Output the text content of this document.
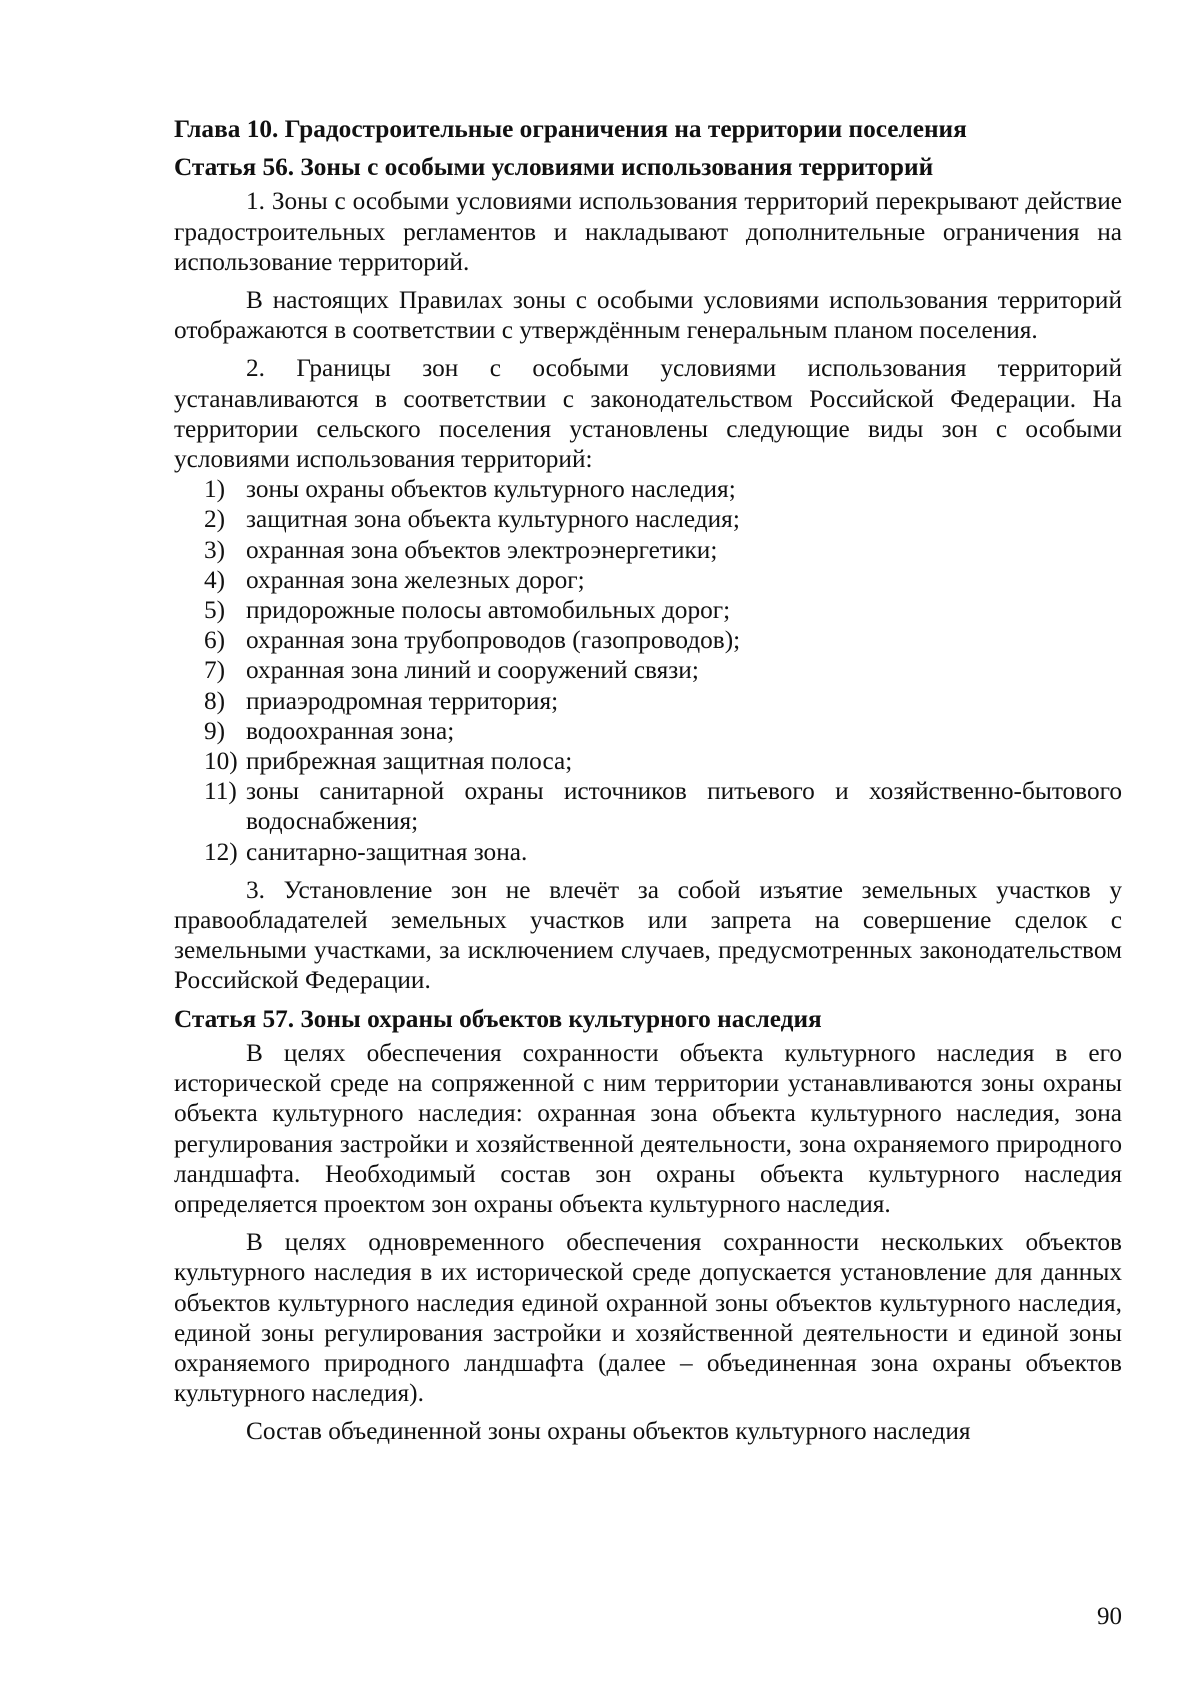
Глава 10. Градостроительные ограничения на территории поселения

Статья 56. Зоны с особыми условиями использования территорий

1. Зоны с особыми условиями использования территорий перекрывают действие градостроительных регламентов и накладывают дополнительные ограничения на использование территорий.

В настоящих Правилах зоны с особыми условиями использования территорий отображаются в соответствии с утверждённым генеральным планом поселения.

2. Границы зон с особыми условиями использования территорий устанавливаются в соответствии с законодательством Российской Федерации. На территории сельского поселения установлены следующие виды зон с особыми условиями использования территорий:

1) зоны охраны объектов культурного наследия;
2) защитная зона объекта культурного наследия;
3) охранная зона объектов электроэнергетики;
4) охранная зона железных дорог;
5) придорожные полосы автомобильных дорог;
6) охранная зона трубопроводов (газопроводов);
7) охранная зона линий и сооружений связи;
8) приаэродромная территория;
9) водоохранная зона;
10) прибрежная защитная полоса;
11) зоны санитарной охраны источников питьевого и хозяйственно-бытового водоснабжения;
12) санитарно-защитная зона.

3. Установление зон не влечёт за собой изъятие земельных участков у правообладателей земельных участков или запрета на совершение сделок с земельными участками, за исключением случаев, предусмотренных законодательством Российской Федерации.

Статья 57. Зоны охраны объектов культурного наследия

В целях обеспечения сохранности объекта культурного наследия в его исторической среде на сопряженной с ним территории устанавливаются зоны охраны объекта культурного наследия: охранная зона объекта культурного наследия, зона регулирования застройки и хозяйственной деятельности, зона охраняемого природного ландшафта. Необходимый состав зон охраны объекта культурного наследия определяется проектом зон охраны объекта культурного наследия.

В целях одновременного обеспечения сохранности нескольких объектов культурного наследия в их исторической среде допускается установление для данных объектов культурного наследия единой охранной зоны объектов культурного наследия, единой зоны регулирования застройки и хозяйственной деятельности и единой зоны охраняемого природного ландшафта (далее – объединенная зона охраны объектов культурного наследия).

Состав объединенной зоны охраны объектов культурного наследия

90
